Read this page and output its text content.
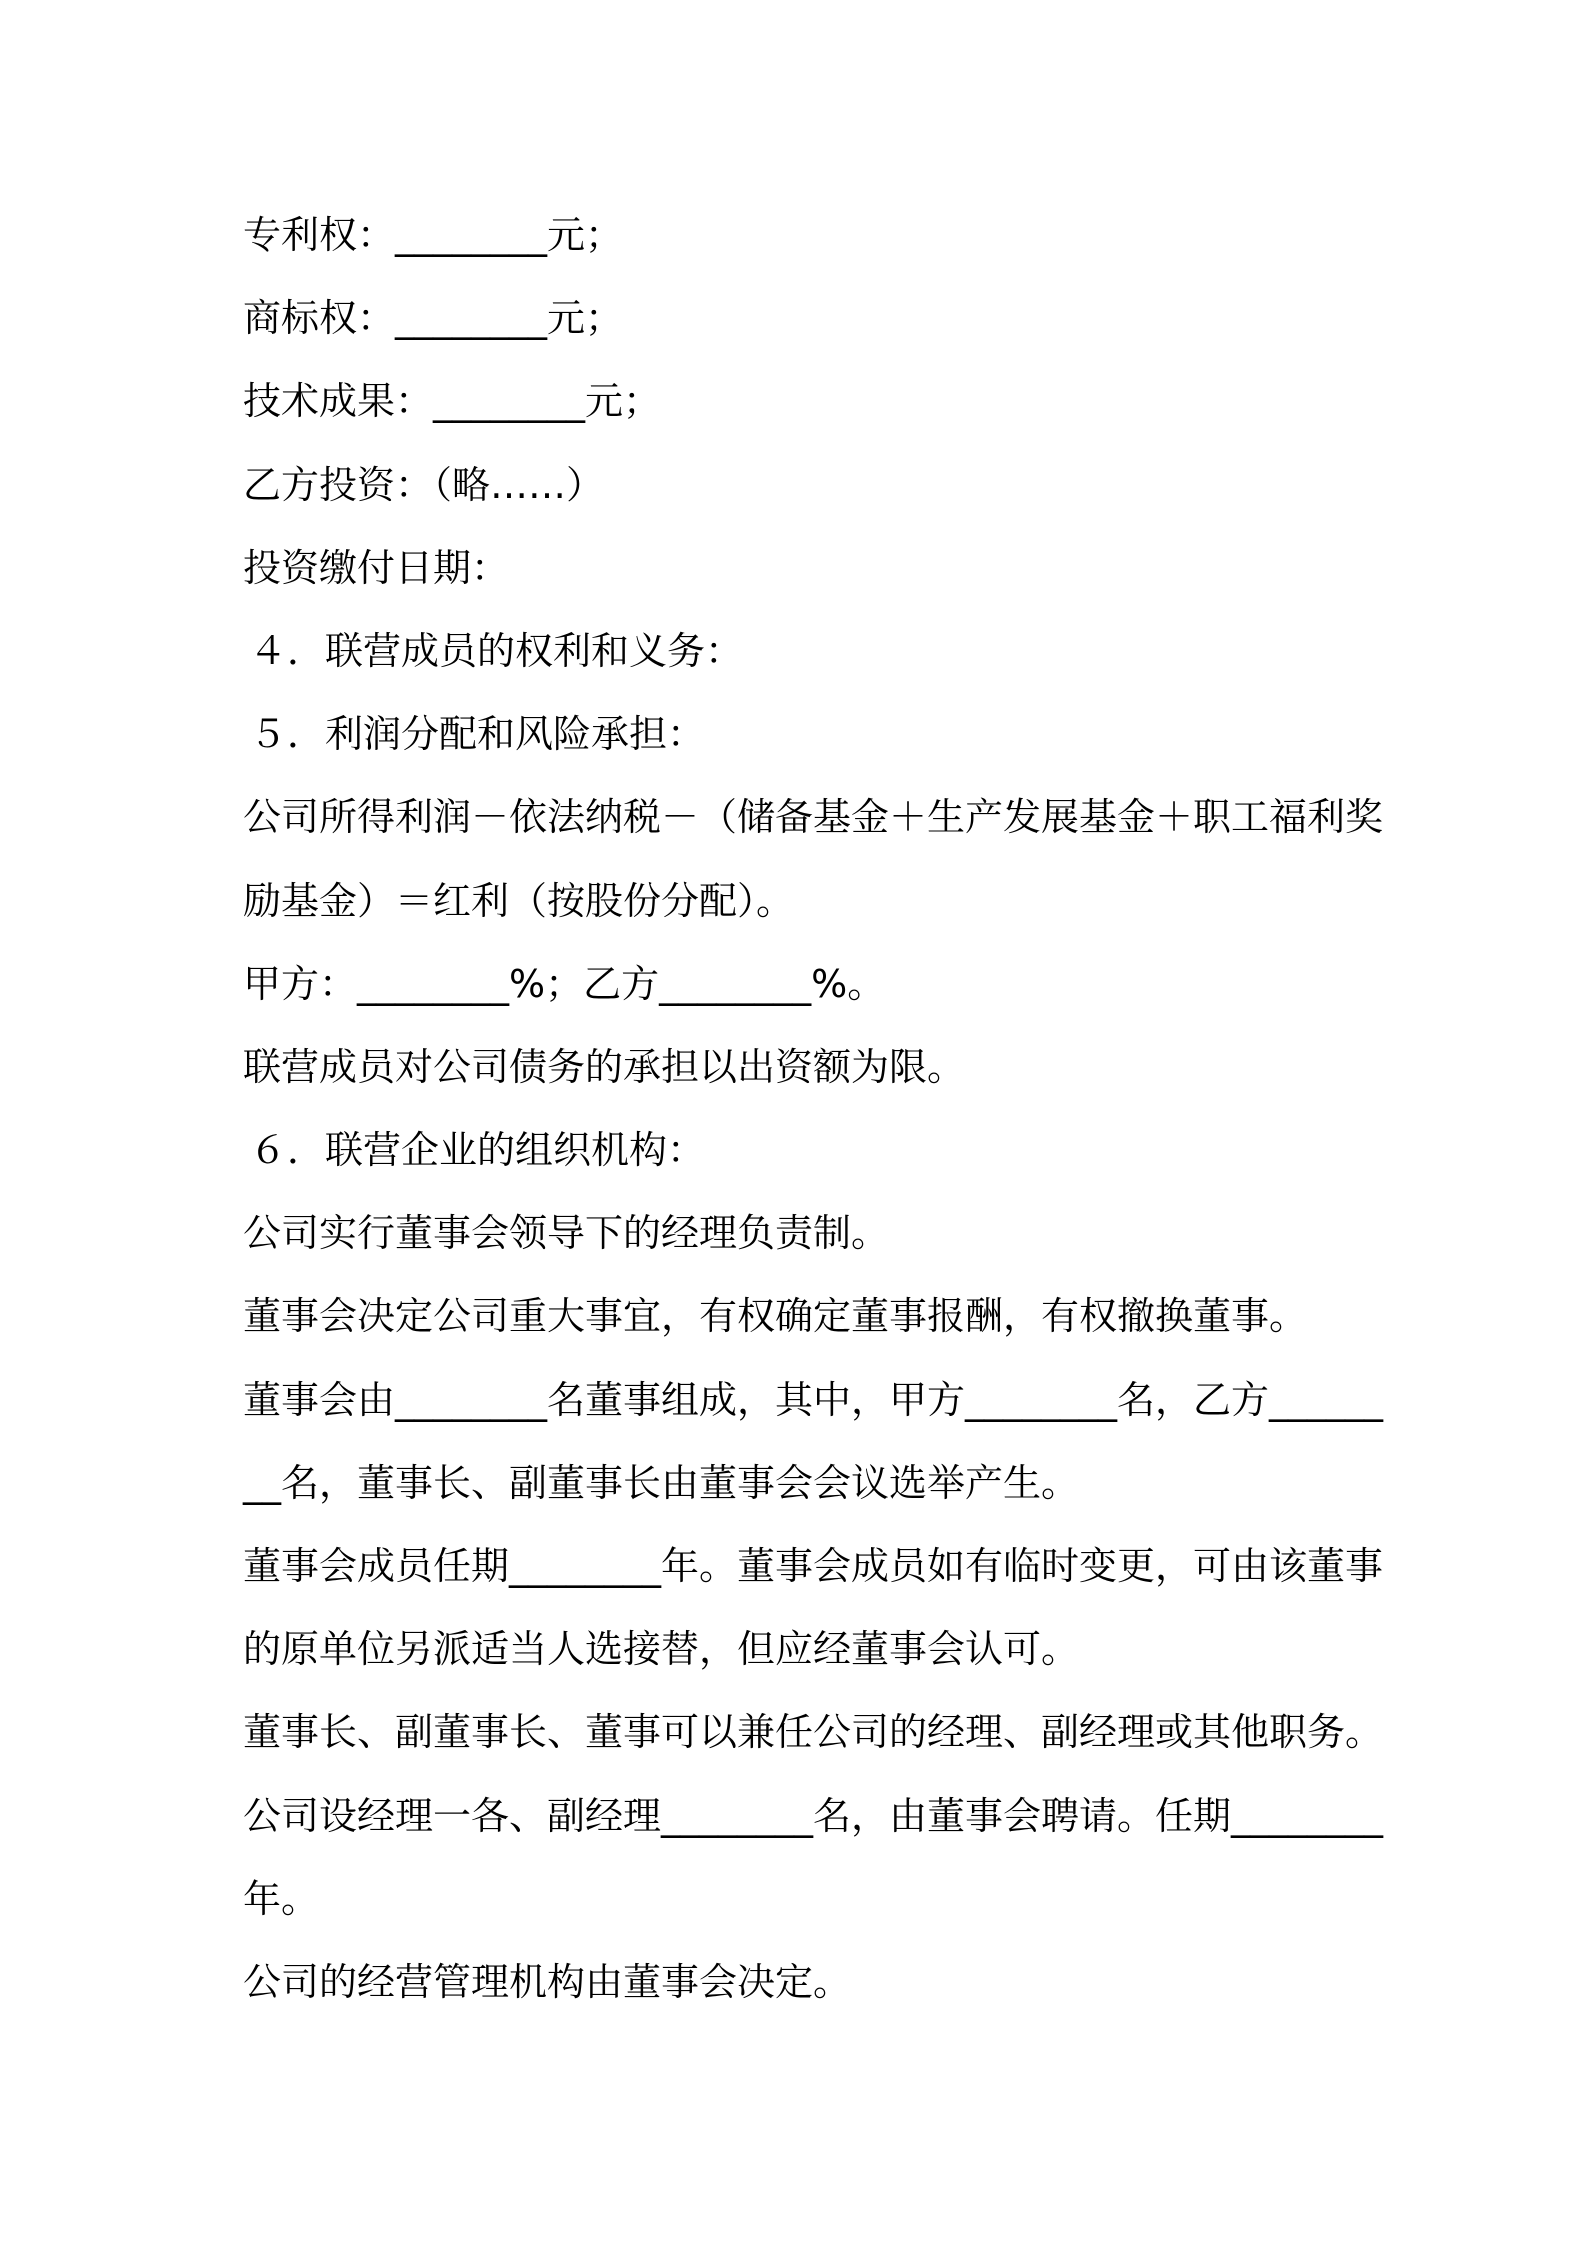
专利权：________元；
商标权：________元；
技术成果：________元；
乙方投资：（略……）
投资缴付日期：
４．联营成员的权利和义务：
５．利润分配和风险承担：
公司所得利润－依法纳税－（储备基金＋生产发展基金＋职工福利奖
励基金）＝红利（按股份分配）。
甲方：________%；乙方________%。
联营成员对公司债务的承担以出资额为限。
６．联营企业的组织机构：
公司实行董事会领导下的经理负责制。
董事会决定公司重大事宜，有权确定董事报酬，有权撤换董事。
董事会由________名董事组成，其中，甲方________名，乙方______
__名，董事长、副董事长由董事会会议选举产生。
董事会成员任期________年。董事会成员如有临时变更，可由该董事
的原单位另派适当人选接替，但应经董事会认可。
董事长、副董事长、董事可以兼任公司的经理、副经理或其他职务。
公司设经理一各、副经理________名，由董事会聘请。任期________
年。
公司的经营管理机构由董事会决定。
